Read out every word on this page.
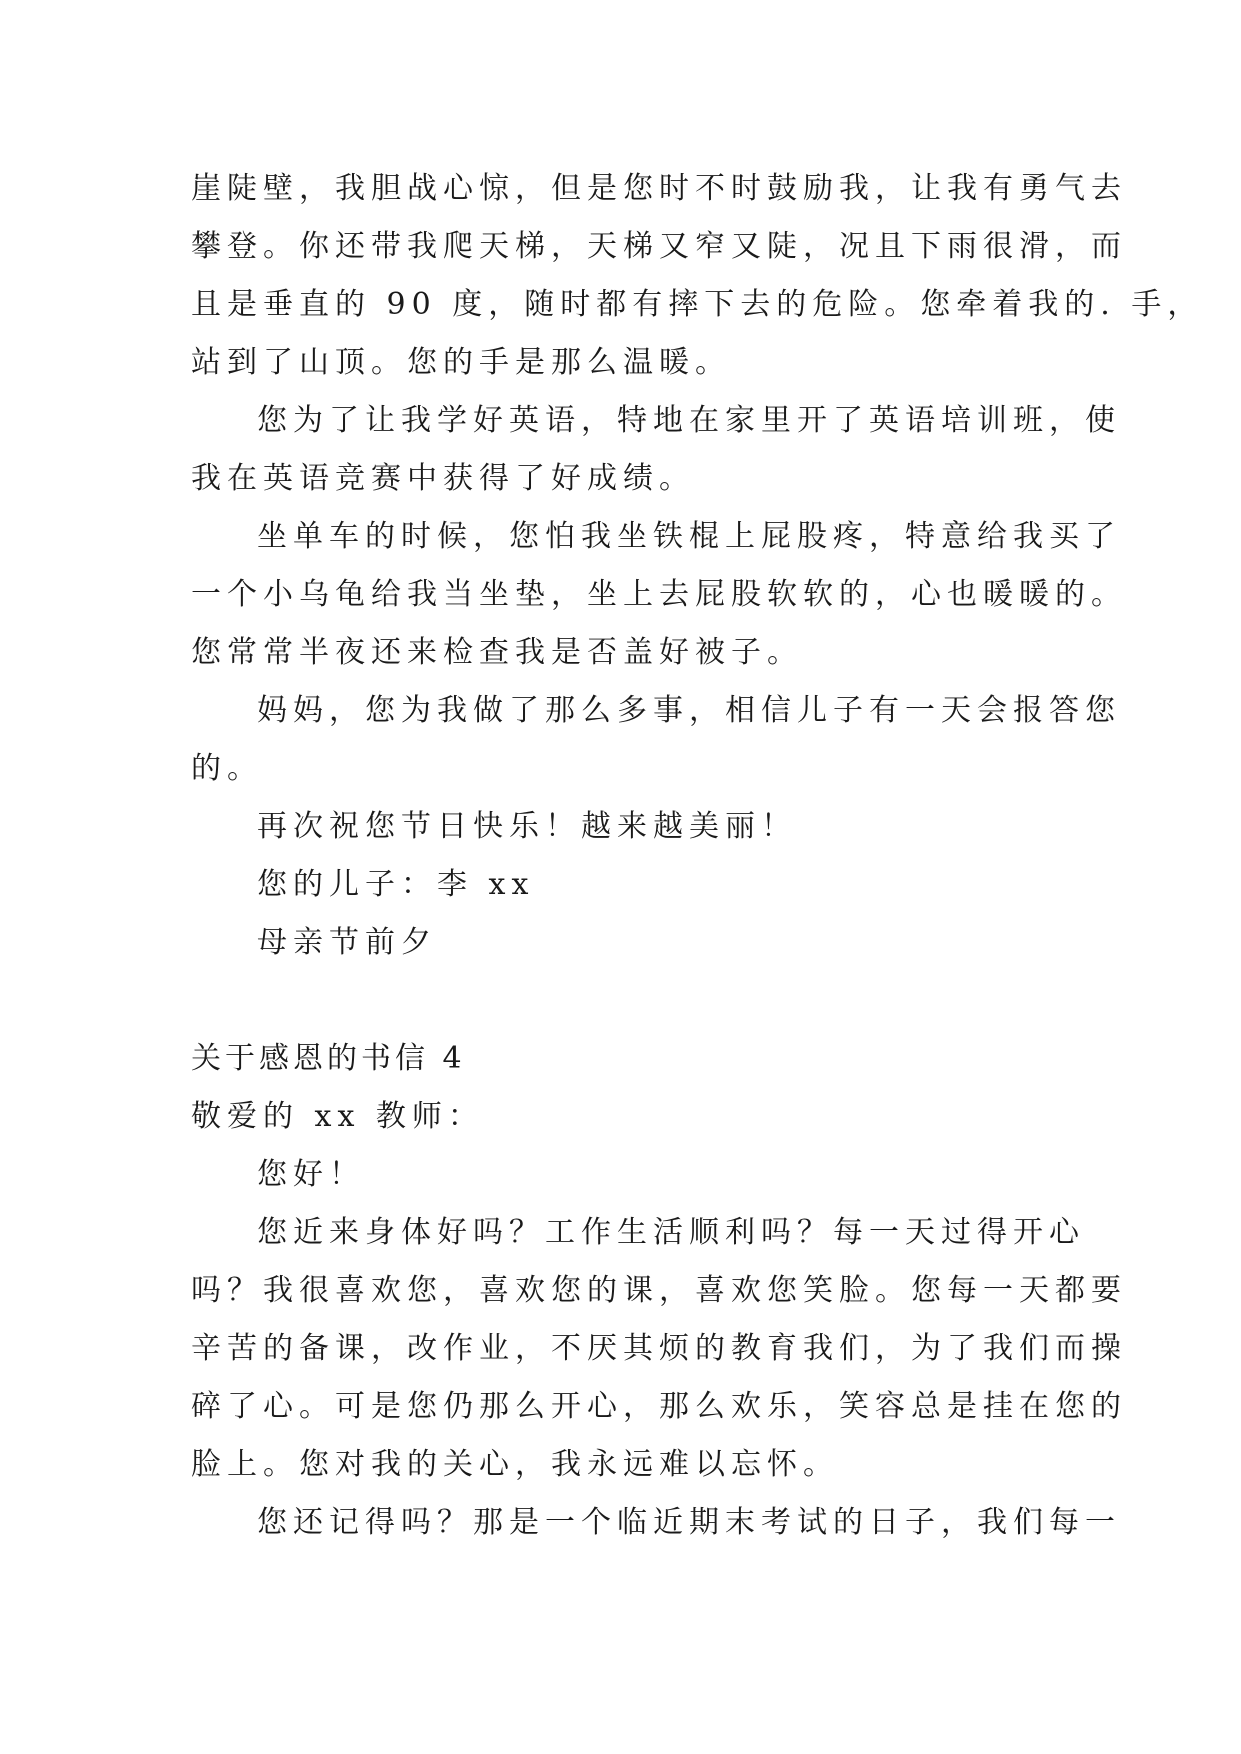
崖陡壁，我胆战心惊，但是您时不时鼓励我，让我有勇气去
攀登。你还带我爬天梯，天梯又窄又陡，况且下雨很滑，而
且是垂直的 90 度，随时都有摔下去的危险。您牵着我的. 手，
站到了山顶。您的手是那么温暖。
您为了让我学好英语，特地在家里开了英语培训班，使
我在英语竞赛中获得了好成绩。
坐单车的时候，您怕我坐铁棍上屁股疼，特意给我买了
一个小乌龟给我当坐垫，坐上去屁股软软的，心也暖暖的。
您常常半夜还来检查我是否盖好被子。
妈妈，您为我做了那么多事，相信儿子有一天会报答您
的。
再次祝您节日快乐！越来越美丽！
您的儿子：李 xx
母亲节前夕
关于感恩的书信 4
敬爱的 xx 教师：
您好！
您近来身体好吗？工作生活顺利吗？每一天过得开心
吗？我很喜欢您，喜欢您的课，喜欢您笑脸。您每一天都要
辛苦的备课，改作业，不厌其烦的教育我们，为了我们而操
碎了心。可是您仍那么开心，那么欢乐，笑容总是挂在您的
脸上。您对我的关心，我永远难以忘怀。
您还记得吗？那是一个临近期末考试的日子，我们每一
